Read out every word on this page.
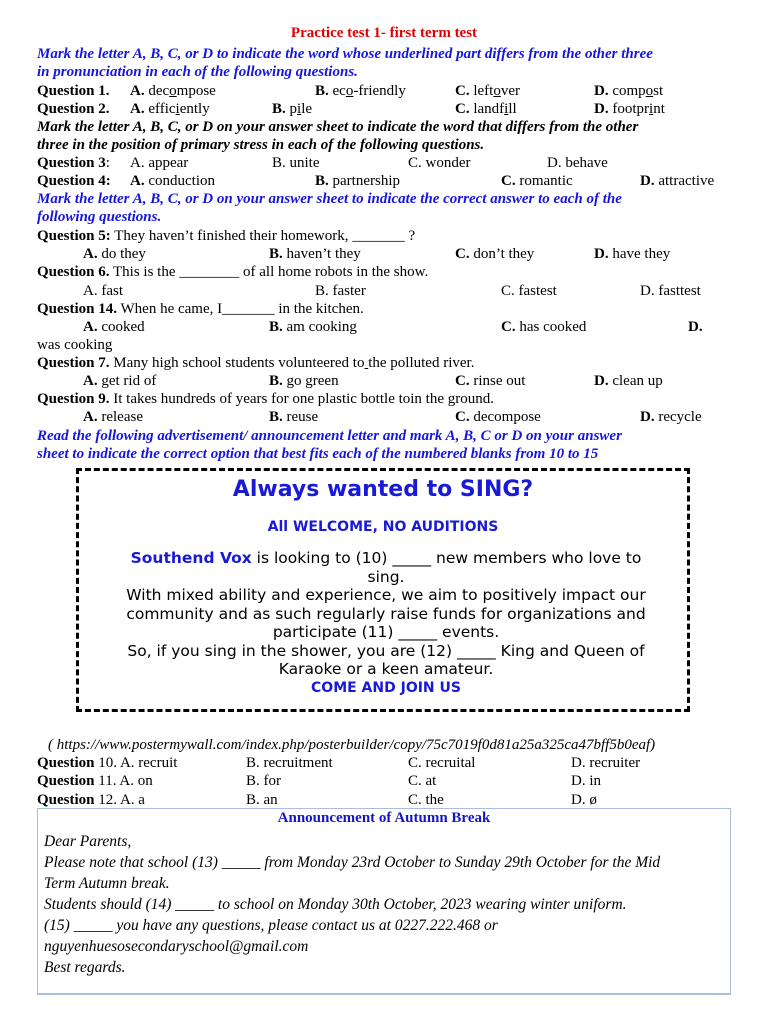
Practice test 1- first term test
Mark the letter A, B, C, or D to indicate the word whose underlined part differs from the other three
in pronunciation in each of the following questions.
Question 1. A. decompose	B. eco-friendly	C. leftover	D. compost
Question 2. A. efficiently	B. pile	C. landfill	D. footprint
Mark the letter A, B, C, or D on your answer sheet to indicate the word that differs from the other
three in the position of primary stress in each of the following questions.
Question 3: A. appear	B. unite	C. wonder	D. behave
Question 4: A. conduction	B. partnership	C. romantic	D. attractive
Mark the letter A, B, C, or D on your answer sheet to indicate the correct answer to each of the
following questions.
Question 5: They haven’t finished their homework, _______ ?
A. do they	B. haven’t they	C. don’t they	D. have they
Question 6. This is the ________ of all home robots in the show.
A. fast	B. faster	C. fastest	D. fasttest
Question 14. When he came, I_______ in the kitchen.
A. cooked	B. am cooking	C. has cooked	D.
was cooking
Question 7. Many high school students volunteered to the polluted river.
A. get rid of	B. go green	C. rinse out	D. clean up
Question 9. It takes hundreds of years for one plastic bottle toin the ground.
A. release	B. reuse	C. decompose	D. recycle
Read the following advertisement/ announcement letter and mark A, B, C or D on your answer
sheet to indicate the correct option that best fits each of the numbered blanks from 10 to 15
Always wanted to SING?
All WELCOME, NO AUDITIONS
Southend Vox is looking to (10) _____ new members who love to
sing.
With mixed ability and experience, we aim to positively impact our
community and as such regularly raise funds for organizations and
participate (11) _____ events.
So, if you sing in the shower, you are (12) _____ King and Queen of
Karaoke or a keen amateur.
COME AND JOIN US
( https://www.postermywall.com/index.php/posterbuilder/copy/75c7019f0d81a25a325ca47bff5b0eaf)
Question 10. A. recruit	B. recruitment	C. recruital	D. recruiter
Question 11. A. on	B. for	C. at	D. in
Question 12. A. a	B. an	C. the	D. ø
Announcement of Autumn Break
Dear Parents,
Please note that school (13) _____ from Monday 23rd October to Sunday 29th October for the Mid
Term Autumn break.
Students should (14) _____ to school on Monday 30th October, 2023 wearing winter uniform.
(15) _____ you have any questions, please contact us at 0227.222.468 or
nguyenhuesosecondaryschool@gmail.com
Best regards.
